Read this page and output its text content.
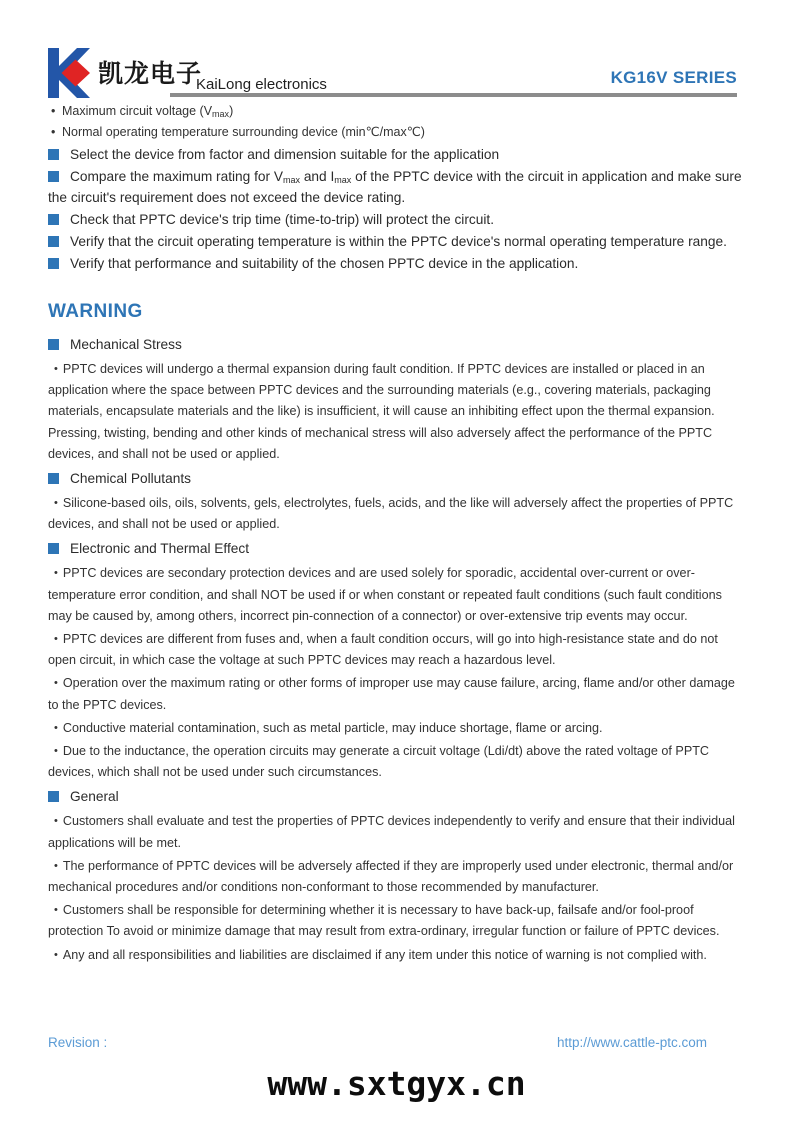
凯龙电子
KaiLong electronics	KG16V SERIES
• Maximum circuit voltage $(V_{max})$
• Normal operating temperature surrounding device (min℃/max℃)
Select the device from factor and dimension suitable for the application
Compare the maximum rating for $V_{max}$ and $I_{max}$ of the PPTC device with the circuit in application and make sure the circuit's requirement does not exceed the device rating.
Check that PPTC device's trip time (time-to-trip) will protect the circuit.
Verify that the circuit operating temperature is within the PPTC device's normal operating temperature range.
Verify that performance and suitability of the chosen PPTC device in the application.
WARNING
Mechanical Stress

• PPTC devices will undergo a thermal expansion during fault condition. If PPTC devices are installed or placed in an application where the space between PPTC devices and the surrounding materials (e.g., covering materials, packaging materials, encapsulate materials and the like) is insufficient, it will cause an inhibiting effect upon the thermal expansion. Pressing, twisting, bending and other kinds of mechanical stress will also adversely affect the performance of the PPTC devices, and shall not be used or applied.

Chemical Pollutants

• Silicone-based oils, oils, solvents, gels, electrolytes, fuels, acids, and the like will adversely affect the properties of PPTC devices, and shall not be used or applied.

Electronic and Thermal Effect

• PPTC devices are secondary protection devices and are used solely for sporadic, accidental over-current or over-temperature error condition, and shall NOT be used if or when constant or repeated fault conditions (such fault conditions may be caused by, among others, incorrect pin-connection of a connector) or over-extensive trip events may occur.

• PPTC devices are different from fuses and, when a fault condition occurs, will go into high-resistance state and do not open circuit, in which case the voltage at such PPTC devices may reach a hazardous level.

• Operation over the maximum rating or other forms of improper use may cause failure, arcing, flame and/or other damage to the PPTC devices.

• Conductive material contamination, such as metal particle, may induce shortage, flame or arcing.

• Due to the inductance, the operation circuits may generate a circuit voltage (Ldi/dt) above the rated voltage of PPTC devices, which shall not be used under such circumstances.

General

• Customers shall evaluate and test the properties of PPTC devices independently to verify and ensure that their individual applications will be met.

• The performance of PPTC devices will be adversely affected if they are improperly used under electronic, thermal and/or mechanical procedures and/or conditions non-conformant to those recommended by manufacturer.

• Customers shall be responsible for determining whether it is necessary to have back-up, failsafe and/or fool-proof protection To avoid or minimize damage that may result from extra-ordinary, irregular function or failure of PPTC devices.

• Any and all responsibilities and liabilities are disclaimed if any item under this notice of warning is not complied with.

Revision :	http://www.cattle-ptc.com
www.sxtgyx.cn
